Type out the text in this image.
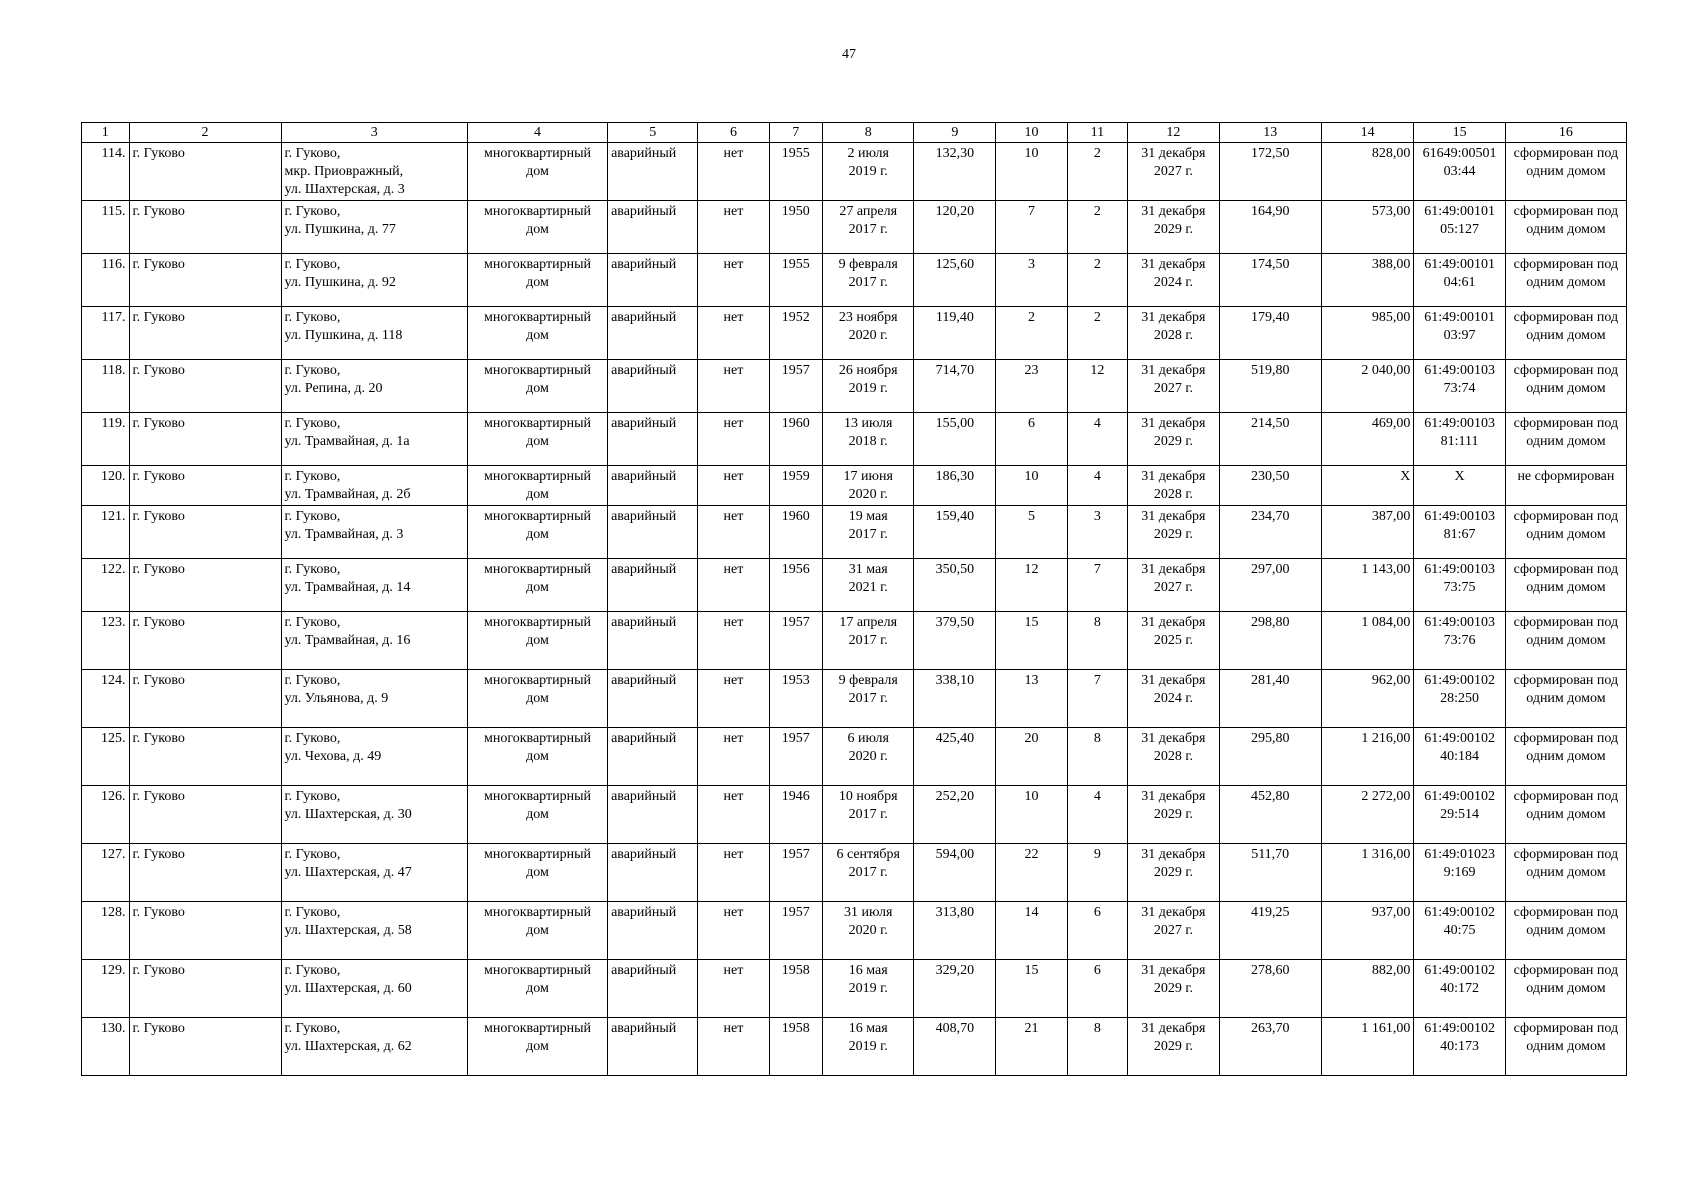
47
1	2	3	4	5	6	7	8	9	10	11	12	13	14	15	16
114.	г. Гуково	г. Гуково,
мкр. Приовражный,
ул. Шахтерская, д. 3	многоквартирный дом	аварийный	нет	1955	2 июля
2019 г.	132,30	10	2	31 декабря
2027 г.	172,50	828,00	61649:00501
03:44	сформирован под одним домом
115.	г. Гуково	г. Гуково,
ул. Пушкина, д. 77	многоквартирный дом	аварийный	нет	1950	27 апреля
2017 г.	120,20	7	2	31 декабря
2029 г.	164,90	573,00	61:49:00101
05:127	сформирован под одним домом
116.	г. Гуково	г. Гуково,
ул. Пушкина, д. 92	многоквартирный дом	аварийный	нет	1955	9 февраля
2017 г.	125,60	3	2	31 декабря
2024 г.	174,50	388,00	61:49:00101
04:61	сформирован под одним домом
117.	г. Гуково	г. Гуково,
ул. Пушкина, д. 118	многоквартирный дом	аварийный	нет	1952	23 ноября
2020 г.	119,40	2	2	31 декабря
2028 г.	179,40	985,00	61:49:00101
03:97	сформирован под одним домом
118.	г. Гуково	г. Гуково,
ул. Репина, д. 20	многоквартирный дом	аварийный	нет	1957	26 ноября
2019 г.	714,70	23	12	31 декабря
2027 г.	519,80	2 040,00	61:49:00103
73:74	сформирован под одним домом
119.	г. Гуково	г. Гуково,
ул. Трамвайная, д. 1а	многоквартирный дом	аварийный	нет	1960	13 июля
2018 г.	155,00	6	4	31 декабря
2029 г.	214,50	469,00	61:49:00103
81:111	сформирован под одним домом
120.	г. Гуково	г. Гуково,
ул. Трамвайная, д. 2б	многоквартирный дом	аварийный	нет	1959	17 июня
2020 г.	186,30	10	4	31 декабря
2028 г.	230,50	Х	Х	не сформирован
121.	г. Гуково	г. Гуково,
ул. Трамвайная, д. 3	многоквартирный дом	аварийный	нет	1960	19 мая
2017 г.	159,40	5	3	31 декабря
2029 г.	234,70	387,00	61:49:00103
81:67	сформирован под одним домом
122.	г. Гуково	г. Гуково,
ул. Трамвайная, д. 14	многоквартирный дом	аварийный	нет	1956	31 мая
2021 г.	350,50	12	7	31 декабря
2027 г.	297,00	1 143,00	61:49:00103
73:75	сформирован под одним домом
123.	г. Гуково	г. Гуково,
ул. Трамвайная, д. 16	многоквартирный дом	аварийный	нет	1957	17 апреля
2017 г.	379,50	15	8	31 декабря
2025 г.	298,80	1 084,00	61:49:00103
73:76	сформирован под одним домом
124.	г. Гуково	г. Гуково,
ул. Ульянова, д. 9	многоквартирный дом	аварийный	нет	1953	9 февраля
2017 г.	338,10	13	7	31 декабря
2024 г.	281,40	962,00	61:49:00102
28:250	сформирован под одним домом
125.	г. Гуково	г. Гуково,
ул. Чехова, д. 49	многоквартирный дом	аварийный	нет	1957	6 июля
2020 г.	425,40	20	8	31 декабря
2028 г.	295,80	1 216,00	61:49:00102
40:184	сформирован под одним домом
126.	г. Гуково	г. Гуково,
ул. Шахтерская, д. 30	многоквартирный дом	аварийный	нет	1946	10 ноября
2017 г.	252,20	10	4	31 декабря
2029 г.	452,80	2 272,00	61:49:00102
29:514	сформирован под одним домом
127.	г. Гуково	г. Гуково,
ул. Шахтерская, д. 47	многоквартирный дом	аварийный	нет	1957	6 сентября
2017 г.	594,00	22	9	31 декабря
2029 г.	511,70	1 316,00	61:49:01023
9:169	сформирован под одним домом
128.	г. Гуково	г. Гуково,
ул. Шахтерская, д. 58	многоквартирный дом	аварийный	нет	1957	31 июля
2020 г.	313,80	14	6	31 декабря
2027 г.	419,25	937,00	61:49:00102
40:75	сформирован под одним домом
129.	г. Гуково	г. Гуково,
ул. Шахтерская, д. 60	многоквартирный дом	аварийный	нет	1958	16 мая
2019 г.	329,20	15	6	31 декабря
2029 г.	278,60	882,00	61:49:00102
40:172	сформирован под одним домом
130.	г. Гуково	г. Гуково,
ул. Шахтерская, д. 62	многоквартирный дом	аварийный	нет	1958	16 мая
2019 г.	408,70	21	8	31 декабря
2029 г.	263,70	1 161,00	61:49:00102
40:173	сформирован под одним домом
